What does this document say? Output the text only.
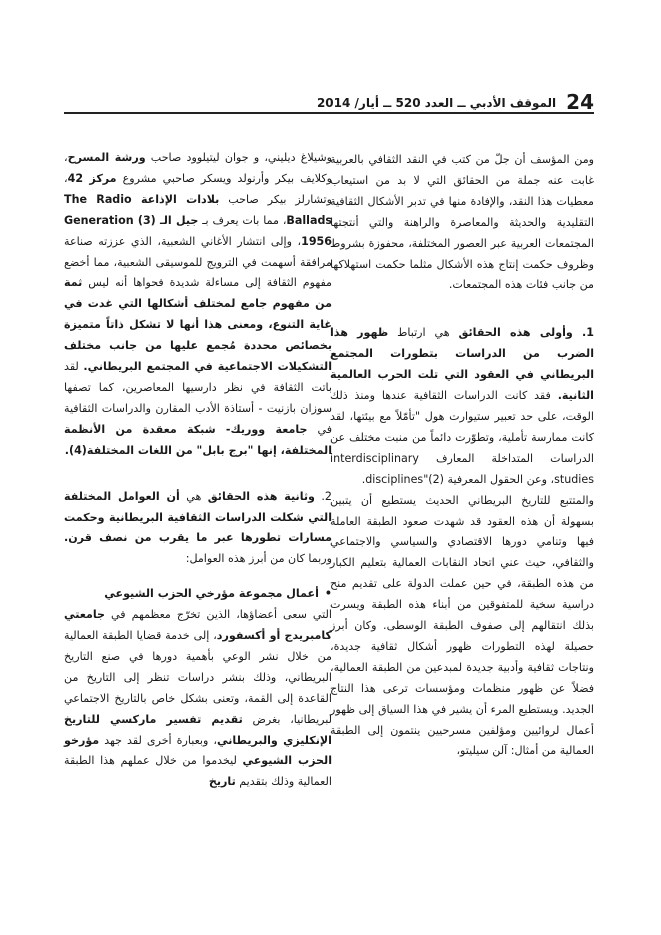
24
الموقف الأدبي ــ العدد 520 ــ أيار/ 2014

ومن المؤسف أن جلّ من كتب في النقد الثقافي بالعربية غابت عنه جملة من الحقائق التي لا بد من استيعاب معطيات هذا النقد، والإفادة منها في تدبر الأشكال الثقافية التقليدية والحديثة والمعاصرة والراهنة والتي أنتجتها المجتمعات العربية عبر العصور المختلفة، محفوزة بشروط وظروف حكمت إنتاج هذه الأشكال مثلما حكمت استهلاكها من جانب فئات هذه المجتمعات.

1. وأولى هذه الحقائق هي ارتباط ظهور هذا الضرب من الدراسات بتطورات المجتمع البريطاني في العقود التي تلت الحرب العالمية الثانية. فقد كانت الدراسات الثقافية عندها ومنذ ذلك الوقت، على حد تعبير ستيوارت هول "تأمّلاً مع بيئتها، لقد كانت ممارسة تأملية، وتطوّرت دائماً من منبت مختلف عن الدراسات المتداخلة المعارف interdisciplinary studies، وعن الحقول المعرفية disciplines"(2).

والمتتبع للتاريخ البريطاني الحديث يستطيع أن يتبين بسهولة أن هذه العقود قد شهدت صعود الطبقة العاملة فيها وتنامي دورها الاقتصادي والسياسي والاجتماعي والثقافي، حيث عني اتحاد النقابات العمالية بتعليم الكبار من هذه الطبقة، في حين عملت الدولة على تقديم منح دراسية سخية للمتفوقين من أبناء هذه الطبقة ويسرت بذلك انتقالهم إلى صفوف الطبقة الوسطى. وكان أبرز حصيلة لهذه التطورات ظهور أشكال ثقافية جديدة، ونتاجات ثقافية وأدبية جديدة لمبدعين من الطبقة العمالية، فضلاً عن ظهور منظمات ومؤسسات ترعى هذا النتاج الجديد. ويستطيع المرء أن يشير في هذا السياق إلى ظهور أعمال لروائيين ومؤلفين مسرحيين ينتمون إلى الطبقة العمالية من أمثال: آلن سيليتو،

وشيلاغ ديليني، و جوان ليتيلوود صاحب ورشة المسرح، وكلايف بيكر وأرنولد ويسكر صاحبي مشروع مركز 42، وتشارلز بيكر صاحب بلادات الإذاعة The Radio Ballads، مما بات يعرف بـ جيل الـ (3) Generation 1956، وإلى انتشار الأغاني الشعبية، الذي عززته صناعة مرافقة أسهمت في الترويج للموسيقى الشعبية، مما أخضع مفهوم الثقافة إلى مساءلة شديدة فحواها أنه ليس ثمة من مفهوم جامع لمختلف أشكالها التي غدت في غاية التنوع، ومعنى هذا أنها لا تشكل ذاتاً متميزة بخصائص محددة مُجمع عليها من جانب مختلف التشكيلات الاجتماعية في المجتمع البريطاني. لقد باتت الثقافة في نظر دارسيها المعاصرين، كما تصفها سوزان بازنيت - أستاذة الأدب المقارن والدراسات الثقافية في جامعة ووريك- شبكة معقدة من الأنظمة المختلفة، إنها "برج بابل" من اللغات المختلفة(4).

2. وثانية هذه الحقائق هي أن العوامل المختلفة التي شكلت الدراسات الثقافية البريطانية وحكمت مسارات تطورها عبر ما يقرب من نصف قرن. وربما كان من أبرز هذه العوامل:

•أعمال مجموعة مؤرخي الحزب الشيوعي
التي سعى أعضاؤها، الذين تخرّج معظمهم في جامعتي كامبريدج أو أكسفورد، إلى خدمة قضايا الطبقة العمالية من خلال نشر الوعي بأهمية دورها في صنع التاريخ البريطاني، وذلك بنشر دراسات تنظر إلى التاريخ من القاعدة إلى القمة، وتعنى بشكل خاص بالتاريخ الاجتماعي لبريطانيا، بغرض تقديم تفسير ماركسي للتاريخ الإنكليزي والبريطاني، وبعبارة أخرى لقد جهد مؤرخو الحزب الشيوعي ليخدموا من خلال عملهم هذا الطبقة العمالية وذلك بتقديم تاريخ
